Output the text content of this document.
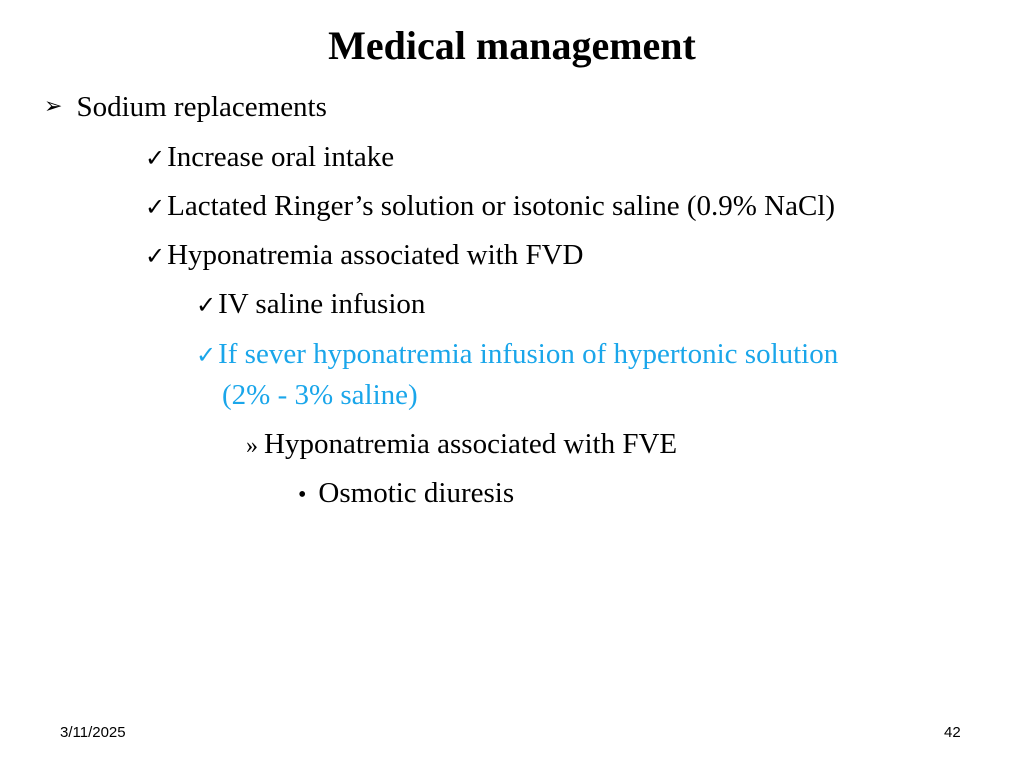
Medical management
➢ Sodium replacements
✓Increase oral intake
✓Lactated Ringer’s solution or isotonic saline (0.9% NaCl)
✓Hyponatremia associated with FVD
✓IV saline infusion
✓If sever hyponatremia infusion of hypertonic solution
(2% - 3% saline)
» Hyponatremia associated with FVE
• Osmotic diuresis
3/11/2025	42
